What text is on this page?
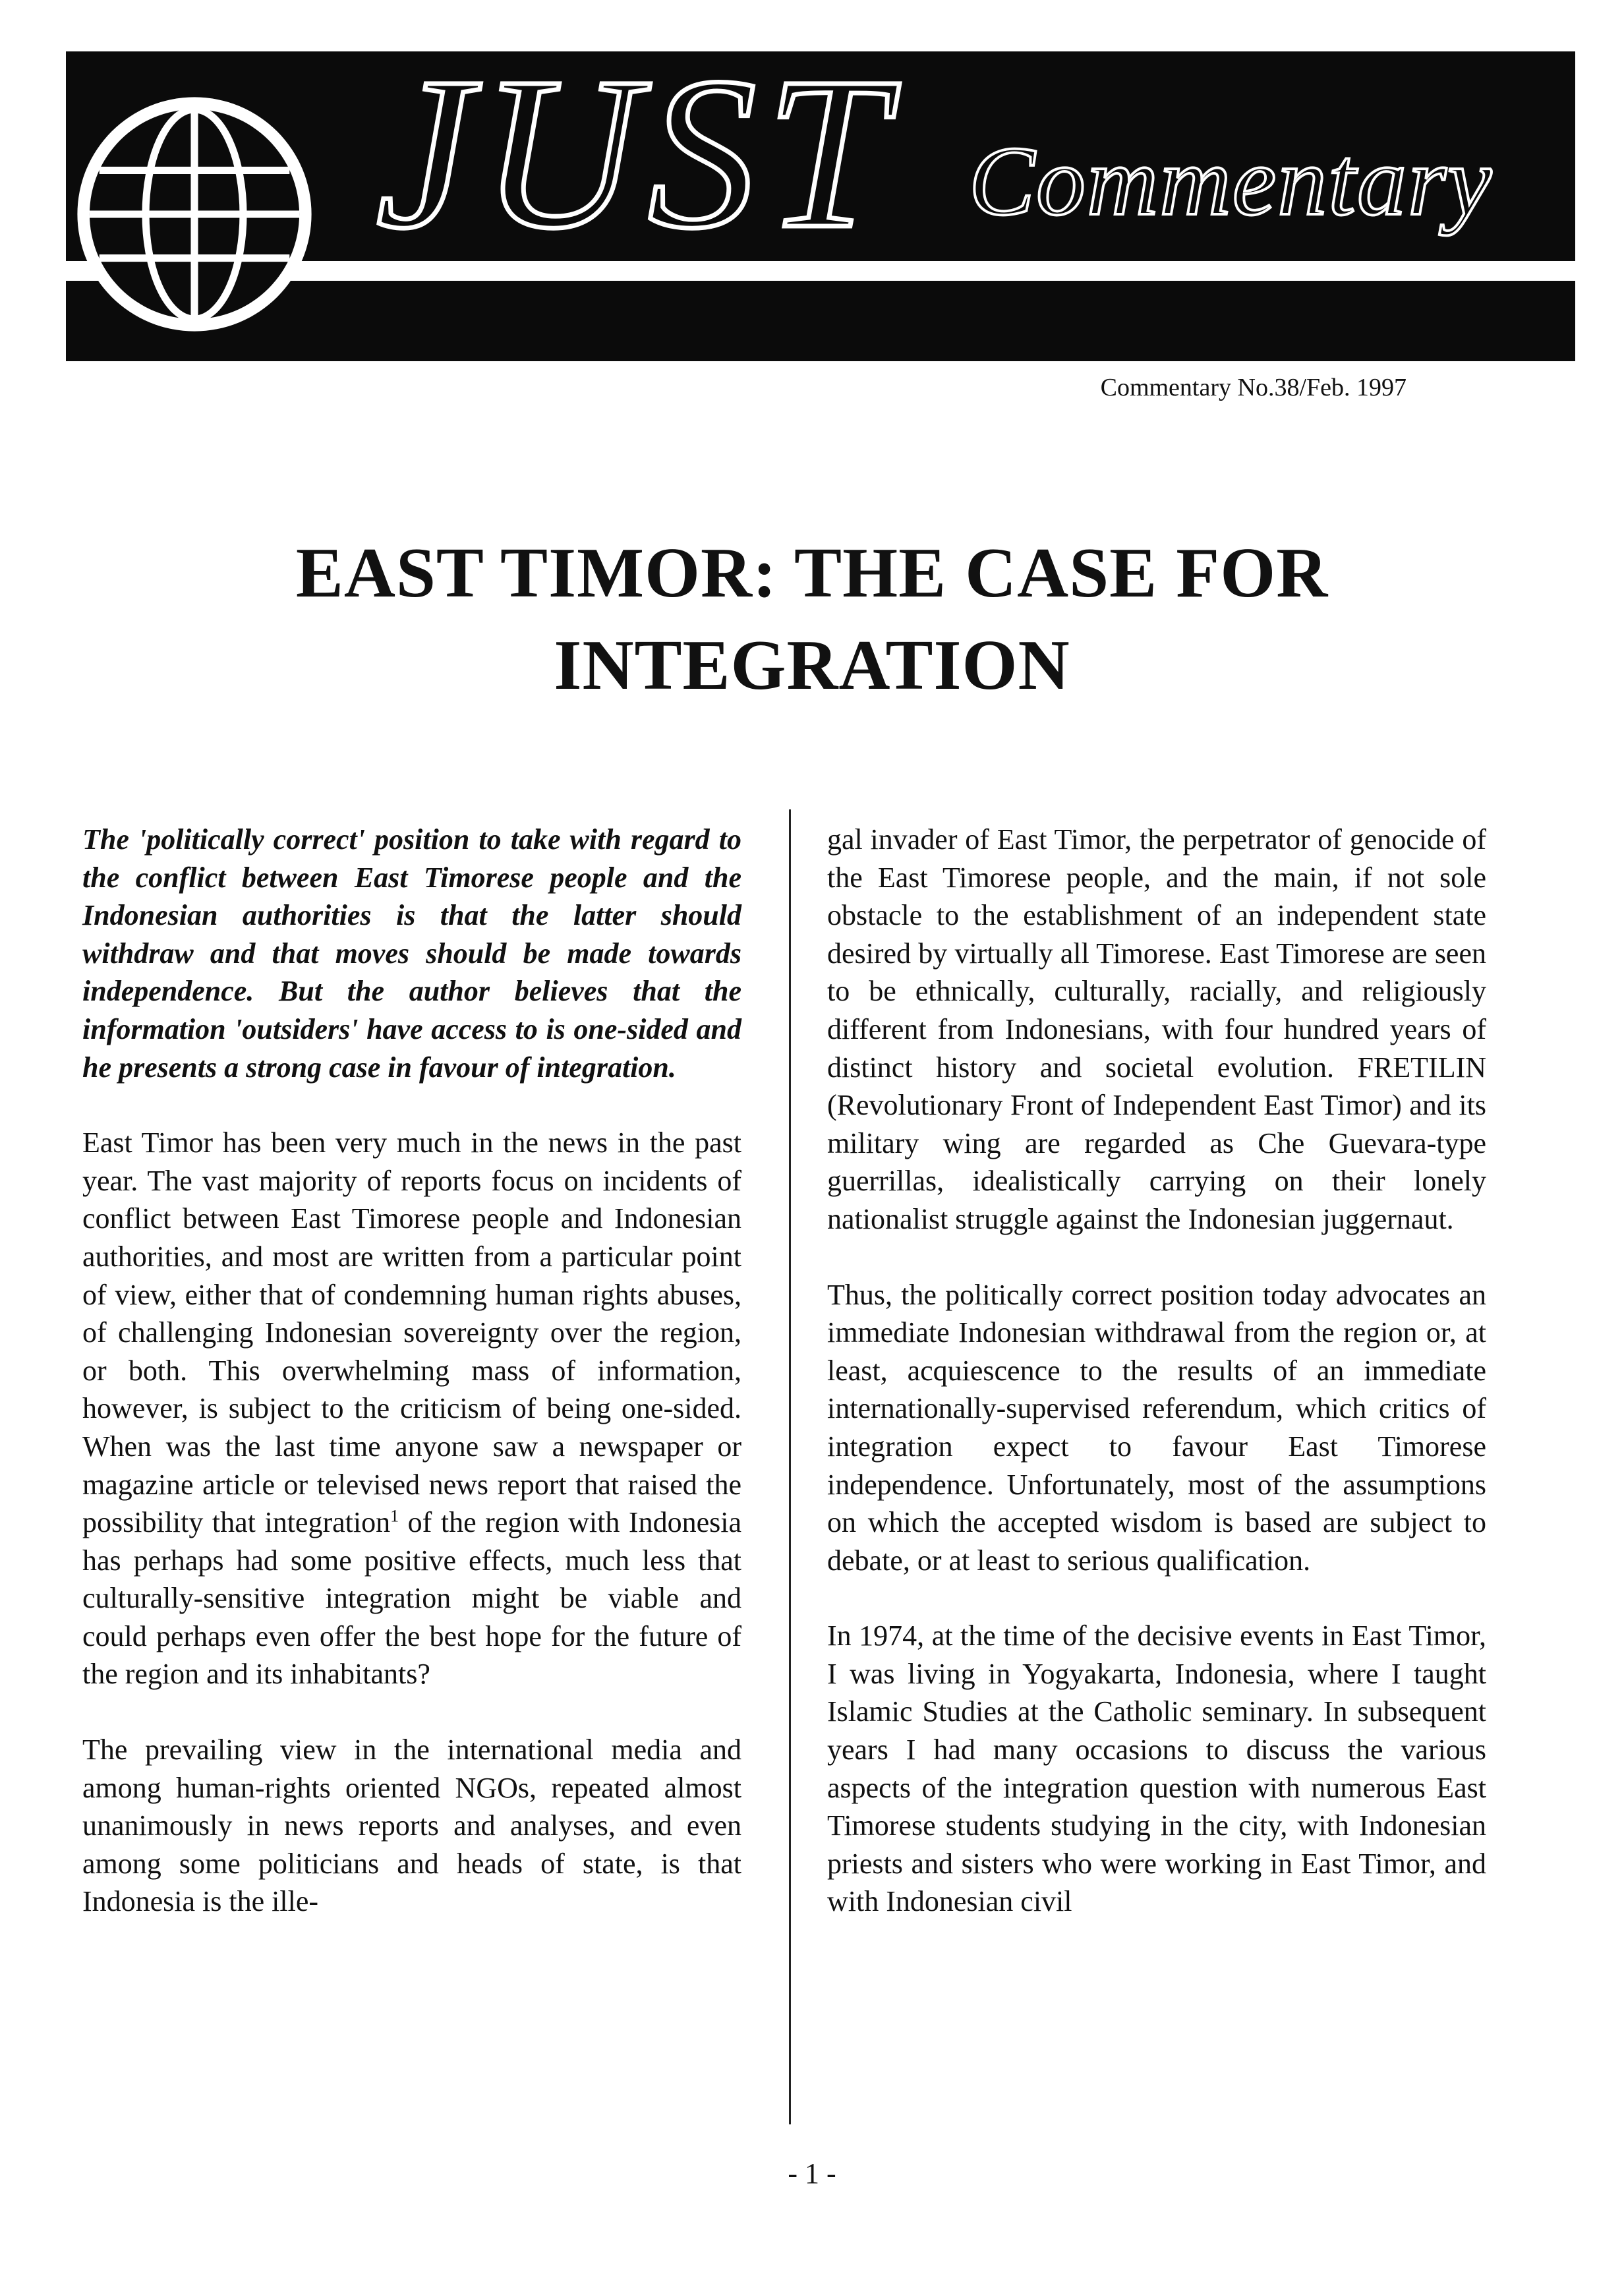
JUST Commentary
Commentary No.38/Feb. 1997
EAST TIMOR: THE CASE FOR
INTEGRATION

The 'politically correct' position to take with regard to the conflict between East Timorese people and the Indonesian authorities is that the latter should withdraw and that moves should be made towards independence. But the author believes that the information 'outsiders' have access to is one-sided and he presents a strong case in favour of integration.

East Timor has been very much in the news in the past year. The vast majority of reports focus on incidents of conflict between East Timorese people and Indonesian authorities, and most are written from a particular point of view, either that of condemning human rights abuses, of challenging Indonesian sovereignty over the region, or both. This overwhelming mass of information, however, is subject to the criticism of being one-sided. When was the last time anyone saw a newspaper or magazine article or televised news report that raised the possibility that integration$^1$ of the region with Indonesia has perhaps had some positive effects, much less that culturally-sensitive integration might be viable and could perhaps even offer the best hope for the future of the region and its inhabitants?

The prevailing view in the international media and among human-rights oriented NGOs, repeated almost unanimously in news reports and analyses, and even among some politicians and heads of state, is that Indonesia is the ille-

gal invader of East Timor, the perpetrator of genocide of the East Timorese people, and the main, if not sole obstacle to the establishment of an independent state desired by virtually all Timorese. East Timorese are seen to be ethnically, culturally, racially, and religiously different from Indonesians, with four hundred years of distinct history and societal evolution. FRETILIN (Revolutionary Front of Independent East Timor) and its military wing are regarded as Che Guevara-type guerrillas, idealistically carrying on their lonely nationalist struggle against the Indonesian juggernaut.

Thus, the politically correct position today advocates an immediate Indonesian withdrawal from the region or, at least, acquiescence to the results of an immediate internationally-supervised referendum, which critics of integration expect to favour East Timorese independence. Unfortunately, most of the assumptions on which the accepted wisdom is based are subject to debate, or at least to serious qualification.

In 1974, at the time of the decisive events in East Timor, I was living in Yogyakarta, Indonesia, where I taught Islamic Studies at the Catholic seminary. In subsequent years I had many occasions to discuss the various aspects of the integration question with numerous East Timorese students studying in the city, with Indonesian priests and sisters who were working in East Timor, and with Indonesian civil

- 1 -
